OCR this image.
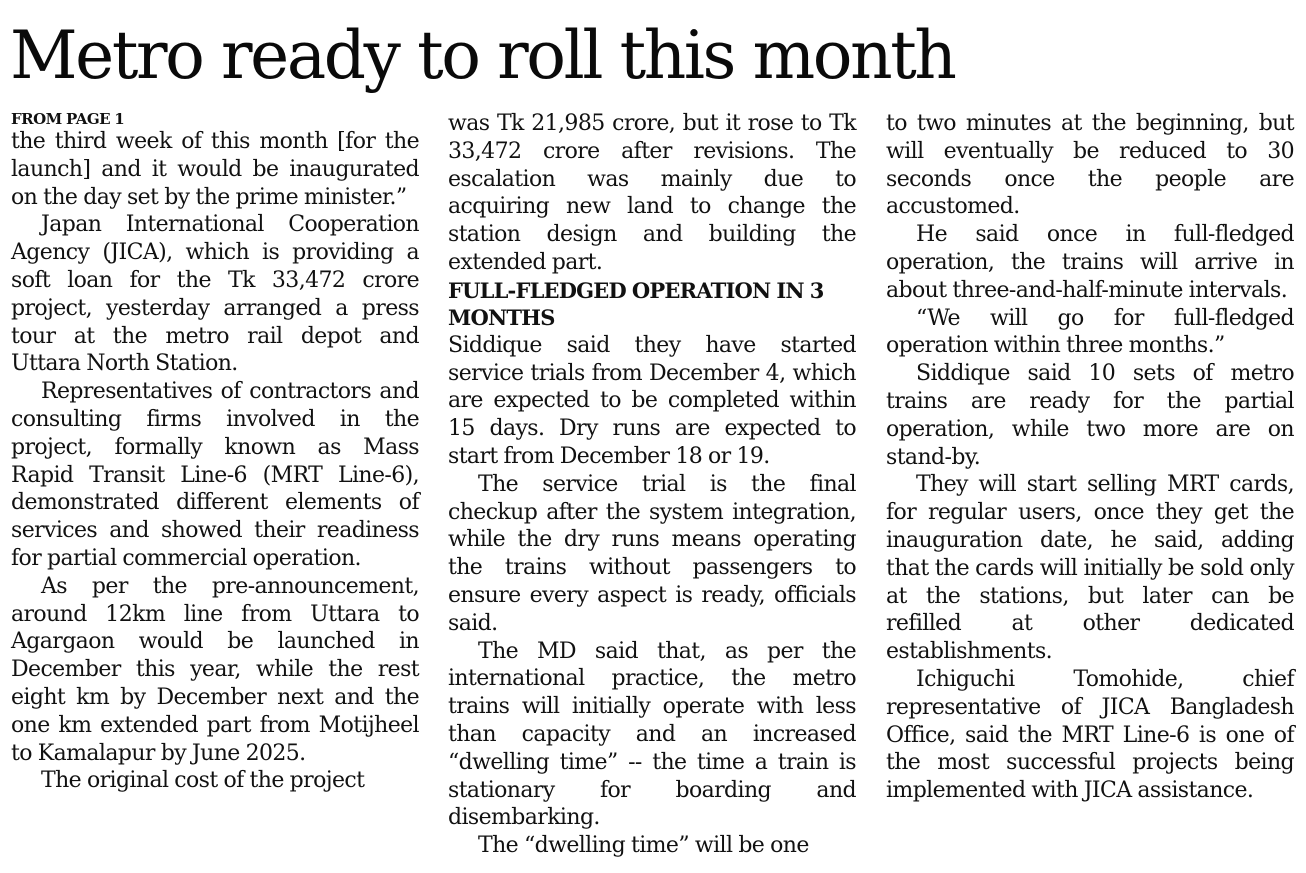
Metro ready to roll this month
FROM PAGE 1

the third week of this month [for the launch] and it would be inaugurated on the day set by the prime minister.”

Japan International Cooperation Agency (JICA), which is providing a soft loan for the Tk 33,472 crore project, yesterday arranged a press tour at the metro rail depot and Uttara North Station.

Representatives of contractors and consulting firms involved in the project, formally known as Mass Rapid Transit Line-6 (MRT Line-6), demonstrated different elements of services and showed their readiness for partial commercial operation.

As per the pre-announcement, around 12km line from Uttara to Agargaon would be launched in December this year, while the rest eight km by December next and the one km extended part from Motijheel to Kamalapur by June 2025.

The original cost of the project

was Tk 21,985 crore, but it rose to Tk 33,472 crore after revisions. The escalation was mainly due to acquiring new land to change the station design and building the extended part.

FULL-FLEDGED OPERATION IN 3 MONTHS

Siddique said they have started service trials from December 4, which are expected to be completed within 15 days. Dry runs are expected to start from December 18 or 19.

The service trial is the final checkup after the system integration, while the dry runs means operating the trains without passengers to ensure every aspect is ready, officials said.

The MD said that, as per the international practice, the metro trains will initially operate with less than capacity and an increased “dwelling time” -- the time a train is stationary for boarding and disembarking.

The “dwelling time” will be one

to two minutes at the beginning, but will eventually be reduced to 30 seconds once the people are accustomed.

He said once in full-fledged operation, the trains will arrive in about three-and-half-minute intervals.

“We will go for full-fledged operation within three months.”

Siddique said 10 sets of metro trains are ready for the partial operation, while two more are on stand-by.

They will start selling MRT cards, for regular users, once they get the inauguration date, he said, adding that the cards will initially be sold only at the stations, but later can be refilled at other dedicated establishments.

Ichiguchi Tomohide, chief representative of JICA Bangladesh Office, said the MRT Line-6 is one of the most successful projects being implemented with JICA assistance.
